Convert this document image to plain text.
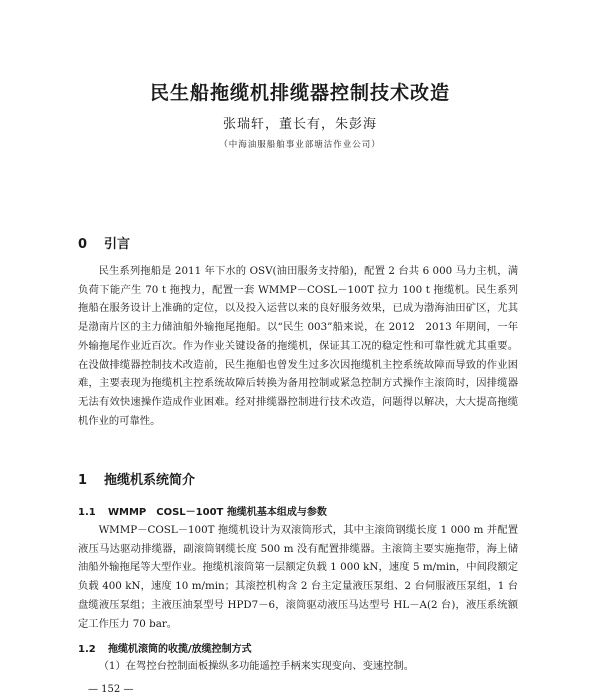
民生船拖缆机排缆器控制技术改造
张瑞轩，董长有，朱彭海
（中海油服船舶事业部塘沽作业公司）
0 引言

民生系列拖船是 2011 年下水的 OSV(油田服务支持船)，配置 2 台共 6 000 马力主机，满负荷下能产生 70 t 拖拽力，配置一套 WMMP－COSL－100T 拉力 100 t 拖缆机。民生系列拖船在服务设计上准确的定位，以及投入运营以来的良好服务效果，已成为渤海油田矿区，尤其是渤南片区的主力储油船外输拖尾拖船。以“民生 003”船来说，在 2012　2013 年期间，一年外输拖尾作业近百次。作为作业关键设备的拖缆机，保证其工况的稳定性和可靠性就尤其重要。在没做排缆器控制技术改造前，民生拖船也曾发生过多次因拖缆机主控系统故障而导致的作业困难，主要表现为拖缆机主控系统故障后转换为备用控制或紧急控制方式操作主滚筒时，因排缆器无法有效快速操作造成作业困难。经对排缆器控制进行技术改造，问题得以解决，大大提高拖缆机作业的可靠性。

1 拖缆机系统简介
1.1 WMMP　COSL－100T 拖缆机基本组成与参数

WMMP－COSL－100T 拖缆机设计为双滚筒形式，其中主滚筒钢缆长度 1 000 m 并配置液压马达驱动排缆器，副滚筒钢缆长度 500 m 没有配置排缆器。主滚筒主要实施拖带，海上储油船外输拖尾等大型作业。拖缆机滚筒第一层额定负载 1 000 kN，速度 5 m/min，中间段额定负载 400 kN，速度 10 m/min；其滚控机构含 2 台主定量液压泵组、2 台伺服液压泵组，1 台盘缆液压泵组；主液压油泵型号 HPD7－6，滚筒驱动液压马达型号 HL－A(2 台)，液压系统额定工作压力 70 bar。

1.2 拖缆机滚筒的收揽/放缆控制方式

（1）在驾控台控制面板操纵多功能遥控手柄来实现变向、变速控制。

— 152 —
